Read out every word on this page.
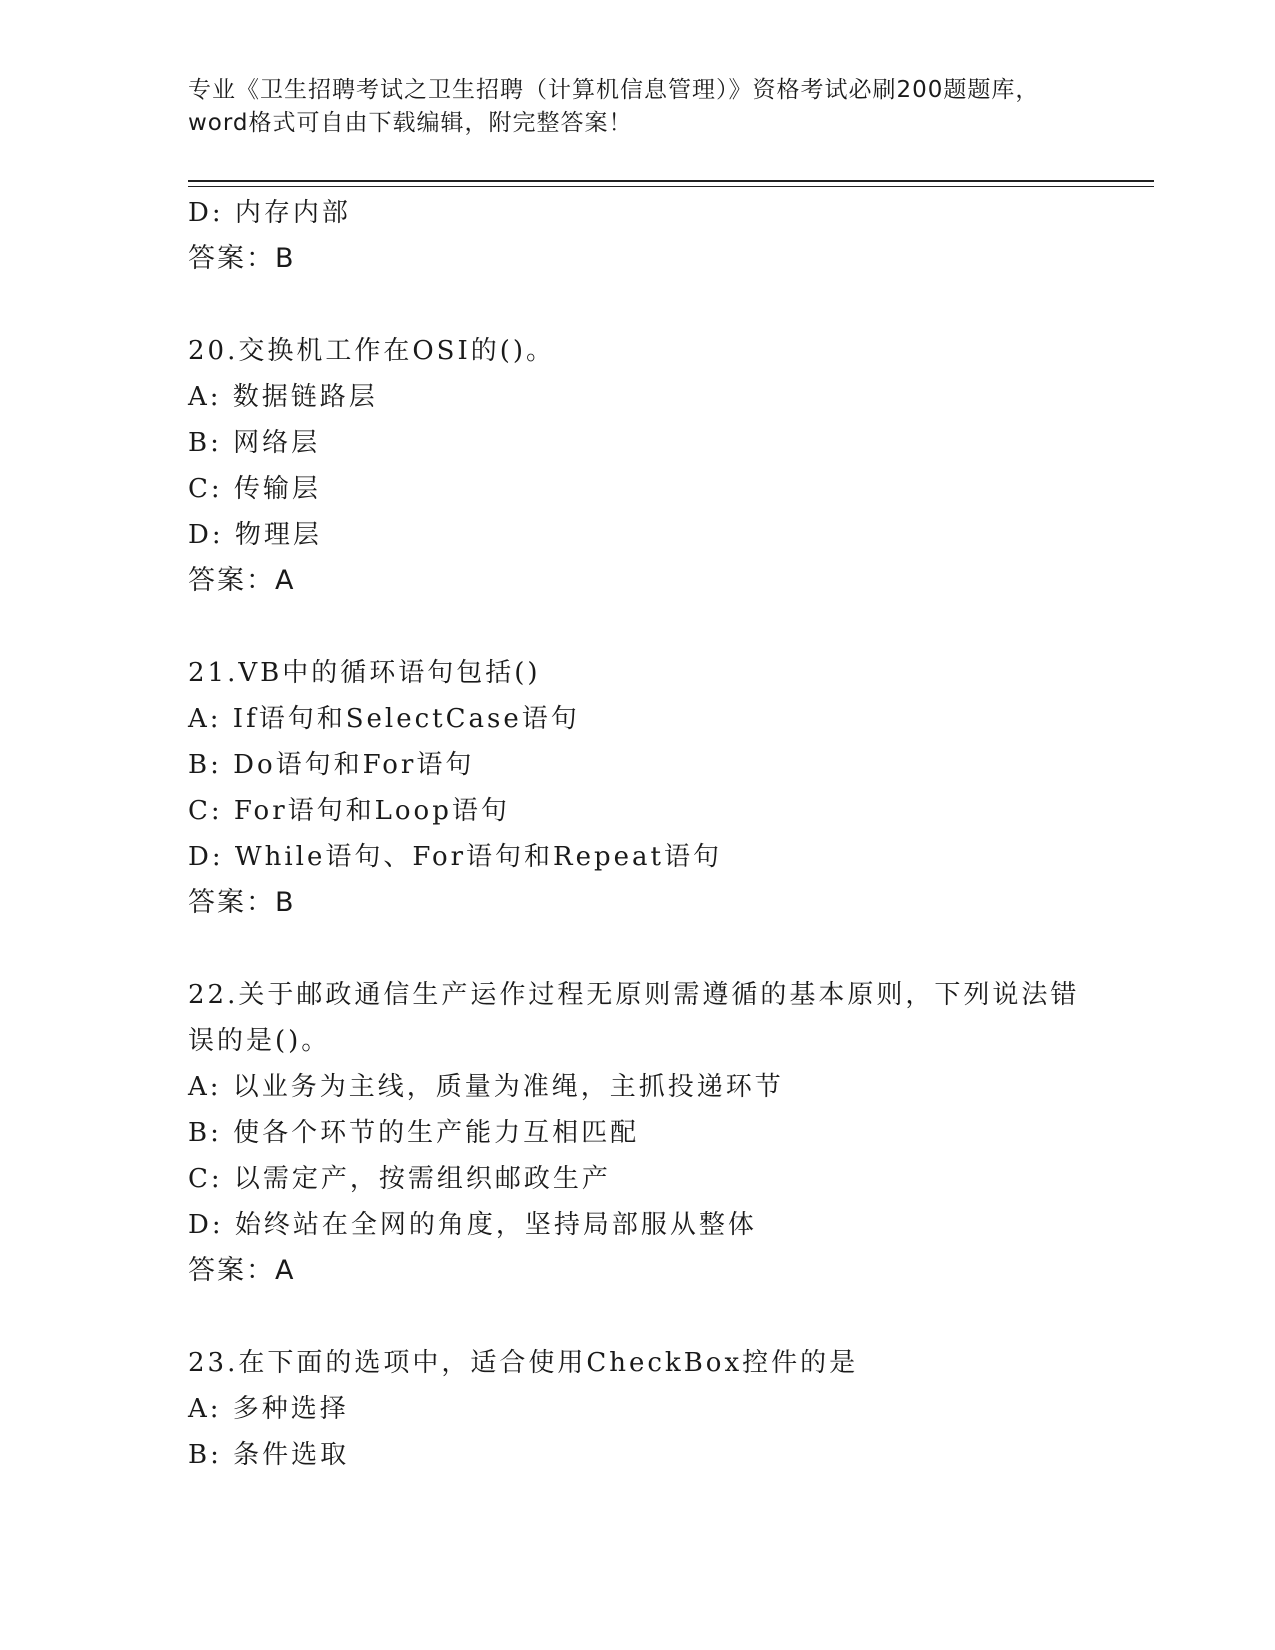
专业《卫生招聘考试之卫生招聘（计算机信息管理）》资格考试必刷200题题库，
word格式可自由下载编辑，附完整答案！
D: 内存内部
答案：B
20.交换机工作在OSI的()。
A: 数据链路层
B: 网络层
C: 传输层
D: 物理层
答案：A
21.VB中的循环语句包括()
A: If语句和SelectCase语句
B: Do语句和For语句
C: For语句和Loop语句
D: While语句、For语句和Repeat语句
答案：B
22.关于邮政通信生产运作过程无原则需遵循的基本原则，下列说法错
误的是()。
A: 以业务为主线，质量为准绳，主抓投递环节
B: 使各个环节的生产能力互相匹配
C: 以需定产，按需组织邮政生产
D: 始终站在全网的角度，坚持局部服从整体
答案：A
23.在下面的选项中，适合使用CheckBox控件的是
A: 多种选择
B: 条件选取
